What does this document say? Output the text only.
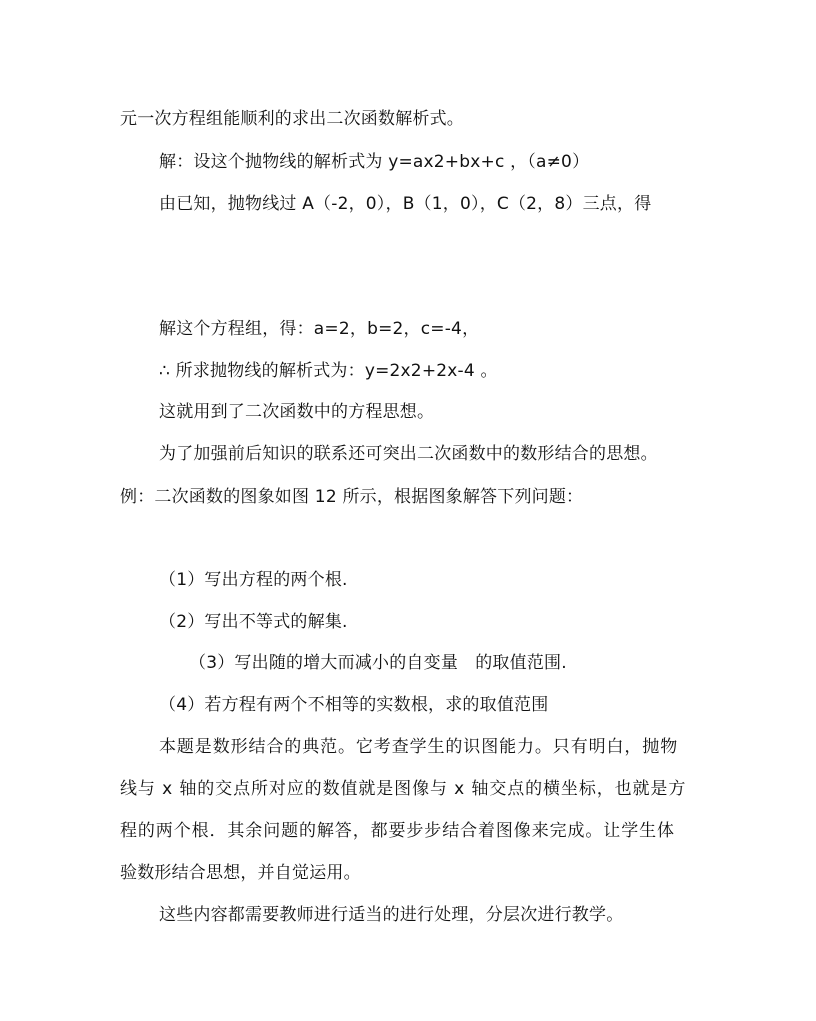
元一次方程组能顺利的求出二次函数解析式。
解：设这个抛物线的解析式为 y=ax2+bx+c ，（a≠0）
由已知，抛物线过 A（-2，0），B（1，0），C（2，8）三点，得
解这个方程组，得：a=2，b=2，c=-4，
∴ 所求抛物线的解析式为：y=2x2+2x-4 。
这就用到了二次函数中的方程思想。
为了加强前后知识的联系还可突出二次函数中的数形结合的思想。
例：二次函数的图象如图 12 所示，根据图象解答下列问题：
（1）写出方程的两个根.
（2）写出不等式的解集.
（3）写出随的增大而减小的自变量　的取值范围.
（4）若方程有两个不相等的实数根，求的取值范围
本题是数形结合的典范。它考查学生的识图能力。只有明白，抛物
线与 x 轴的交点所对应的数值就是图像与 x 轴交点的横坐标，也就是方
程的两个根．其余问题的解答，都要步步结合着图像来完成。让学生体
验数形结合思想，并自觉运用。
这些内容都需要教师进行适当的进行处理，分层次进行教学。
